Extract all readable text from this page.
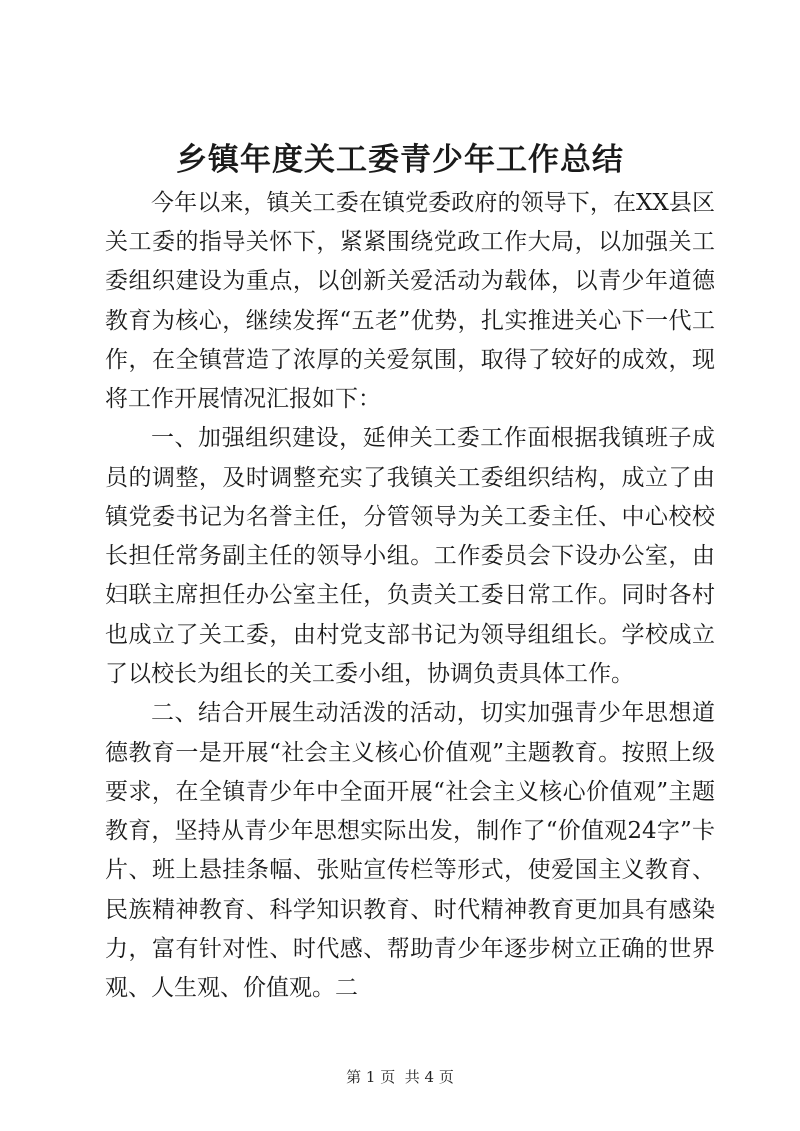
乡镇年度关工委青少年工作总结

今年以来，镇关工委在镇党委政府的领导下，在XX县区关工委的指导关怀下，紧紧围绕党政工作大局，以加强关工委组织建设为重点，以创新关爱活动为载体，以青少年道德教育为核心，继续发挥“五老”优势，扎实推进关心下一代工作，在全镇营造了浓厚的关爱氛围，取得了较好的成效，现将工作开展情况汇报如下：

一、加强组织建设，延伸关工委工作面根据我镇班子成员的调整，及时调整充实了我镇关工委组织结构，成立了由镇党委书记为名誉主任，分管领导为关工委主任、中心校校长担任常务副主任的领导小组。工作委员会下设办公室，由妇联主席担任办公室主任，负责关工委日常工作。同时各村也成立了关工委，由村党支部书记为领导组组长。学校成立了以校长为组长的关工委小组，协调负责具体工作。

二、结合开展生动活泼的活动，切实加强青少年思想道德教育一是开展“社会主义核心价值观”主题教育。按照上级要求，在全镇青少年中全面开展“社会主义核心价值观”主题教育，坚持从青少年思想实际出发，制作了“价值观24字”卡片、班上悬挂条幅、张贴宣传栏等形式，使爱国主义教育、民族精神教育、科学知识教育、时代精神教育更加具有感染力，富有针对性、时代感、帮助青少年逐步树立正确的世界观、人生观、价值观。二

第 1 页  共 4 页
